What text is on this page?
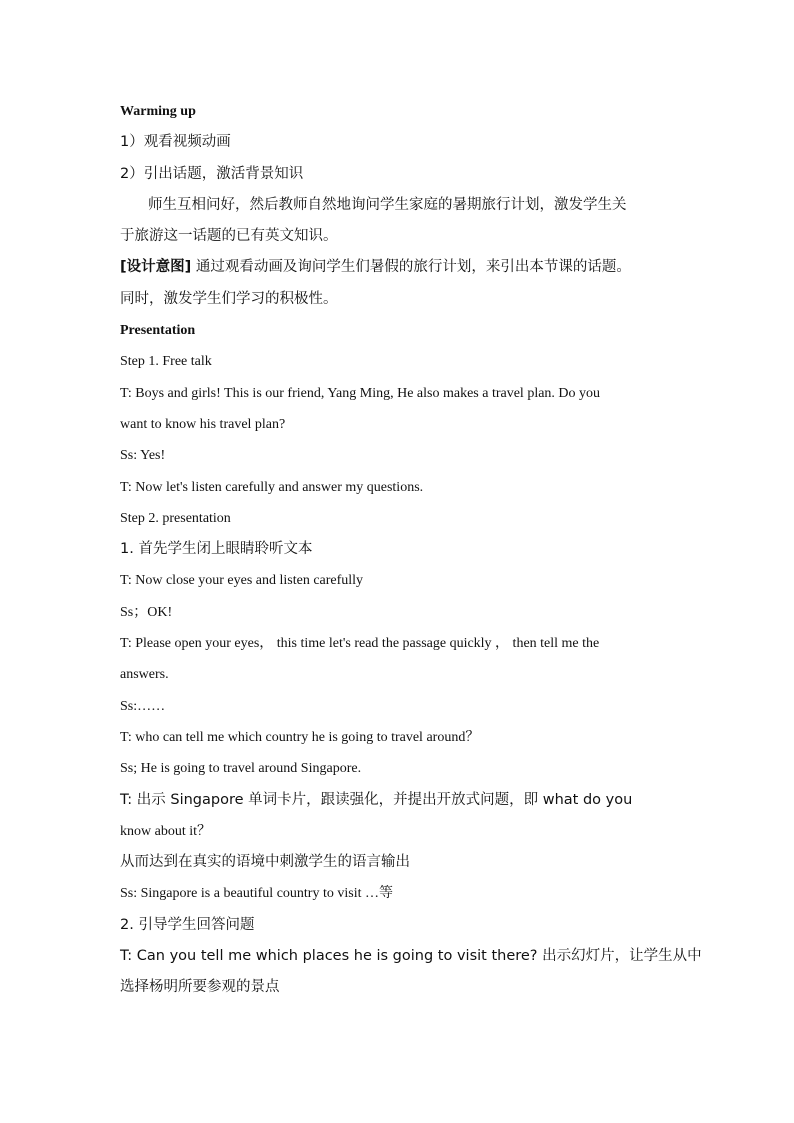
Warming up

1）观看视频动画

2）引出话题，激活背景知识

师生互相问好，然后教师自然地询问学生家庭的暑期旅行计划，激发学生关

于旅游这一话题的已有英文知识。

[设计意图] 通过观看动画及询问学生们暑假的旅行计划，来引出本节课的话题。

同时，激发学生们学习的积极性。

Presentation

Step 1. Free talk

T: Boys and girls! This is our friend, Yang Ming, He also makes a travel plan. Do you

want to know his travel plan?

Ss: Yes!

T: Now let's listen carefully and answer my questions.

Step 2. presentation

1. 首先学生闭上眼睛聆听文本

T: Now close your eyes and listen carefully

Ss；OK!

T: Please open your eyes， this time let's read the passage quickly ， then tell me the

answers.

Ss:……

T: who can tell me which country he is going to travel around？

Ss; He is going to travel around Singapore.

T: 出示 Singapore 单词卡片，跟读强化，并提出开放式问题，即 what do you

know about it？

从而达到在真实的语境中刺激学生的语言输出

Ss: Singapore is a beautiful country to visit …等

2. 引导学生回答问题

T: Can you tell me which places he is going to visit there? 出示幻灯片，让学生从中

选择杨明所要参观的景点
